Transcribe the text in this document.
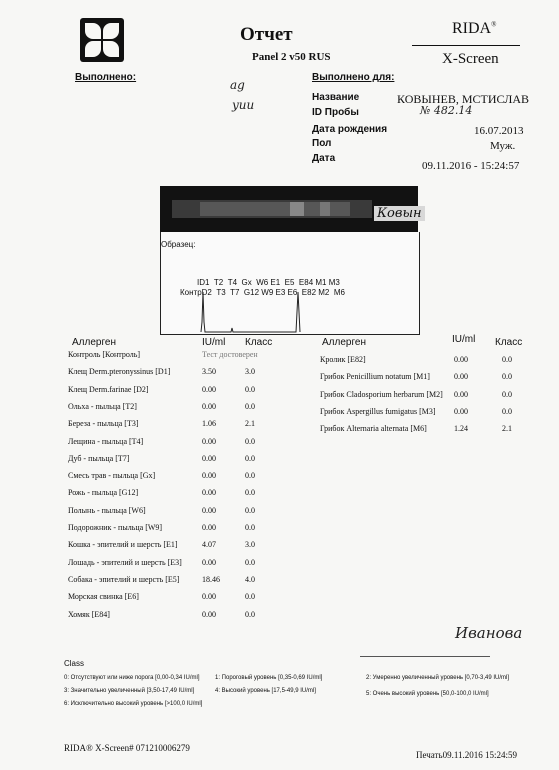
Отчет
Panel 2 v50 RUS
RIDA®
X-Screen
Выполнено:
ag
yuu
Выполнено для:
Название	КОВЫНЕВ, МСТИСЛАВ
ID Пробы	№ 482.14
Дата рождения	16.07.2013
Пол	Муж.
Дата
09.11.2016 - 15:24:57
Ковын
Образец:
ID1 T2 T4 Gx W6 E1 E5 E84 M1 M3
КонтрD2 T3 T7 G12 W9 E3 E6 E82 M2 M6
Аллерген	IU/ml Класс
Контроль [Контроль]	Тест достоверен
Клещ Derm.pteronyssinus [D1]	3.50	3.0
Клещ Derm.farinae [D2]	0.00	0.0
Ольха - пыльца [T2]	0.00	0.0
Береза - пыльца [T3]	1.06	2.1
Лещина - пыльца [T4]	0.00	0.0
Дуб - пыльца [T7]	0.00	0.0
Смесь трав - пыльца [Gx]	0.00	0.0
Рожь - пыльца [G12]	0.00	0.0
Полынь - пыльца [W6]	0.00	0.0
Подорожник - пыльца [W9]	0.00	0.0
Кошка - эпителий и шерсть [E1]	4.07	3.0
Лошадь - эпителий и шерсть [E3]	0.00	0.0
Собака - эпителий и шерсть [E5]	18.46	4.0
Морская свинка [E6]	0.00	0.0
Хомяк [E84]	0.00	0.0
Аллерген	IU/ml Класс
Кролик [E82]	0.00	0.0
Грибок Penicillium notatum [M1]	0.00	0.0
Грибок Cladosporium herbarum [M2] 0.00	0.0
Грибок Aspergillus fumigatus [M3] 0.00	0.0
Грибок Alternaria alternata [M6]	1.24	2.1
Иванова
Class
0: Отсутствуют или ниже порога [0,00-0,34 IU/ml]	1: Пороговый уровень [0,35-0,69 IU/ml]	2: Умеренно увеличенный уровень [0,70-3,49 IU/ml]
3: Значительно увеличенный [3,50-17,49 IU/ml]	4: Высокий уровень [17,5-49,9 IU/ml]	5: Очень высокий уровень [50,0-100,0 IU/ml]
6: Исключительно высокий уровень [>100,0 IU/ml]
RIDA® X-Screen# 071210006279
Печать09.11.2016 15:24:59
